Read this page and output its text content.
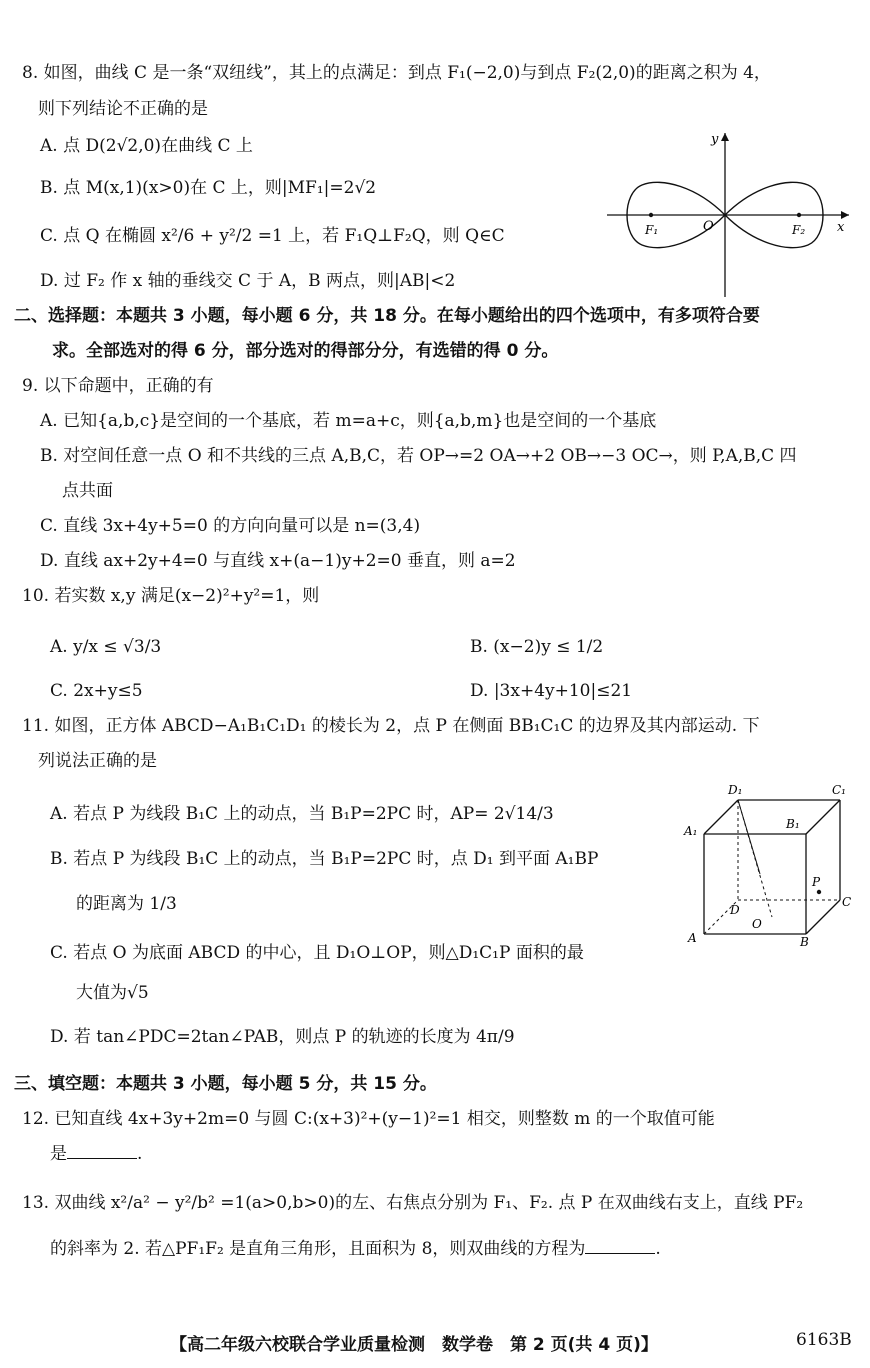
8. 如图，曲线 C 是一条“双纽线”，其上的点满足：到点 F₁(−2,0)与到点 F₂(2,0)的距离之积为 4，
则下列结论不正确的是
A. 点 D(2√2,0)在曲线 C 上
B. 点 M(x,1)(x>0)在 C 上，则|MF₁|=2√2
C. 点 Q 在椭圆 x²/6 + y²/2 =1 上，若 F₁Q⊥F₂Q，则 Q∈C
D. 过 F₂ 作 x 轴的垂线交 C 于 A，B 两点，则|AB|<2
y
x
O
F₁	F₂
二、选择题：本题共 3 小题，每小题 6 分，共 18 分。在每小题给出的四个选项中，有多项符合要
求。全部选对的得 6 分，部分选对的得部分分，有选错的得 0 分。
9. 以下命题中，正确的有
A. 已知{a,b,c}是空间的一个基底，若 m=a+c，则{a,b,m}也是空间的一个基底
B. 对空间任意一点 O 和不共线的三点 A,B,C，若 OP→=2 OA→+2 OB→−3 OC→，则 P,A,B,C 四
点共面
C. 直线 3x+4y+5=0 的方向向量可以是 n=(3,4)
D. 直线 ax+2y+4=0 与直线 x+(a−1)y+2=0 垂直，则 a=2
10. 若实数 x,y 满足(x−2)²+y²=1，则
A. y/x ≤ √3/3	B. (x−2)y ≤ 1/2
C. 2x+y≤5	D. |3x+4y+10|≤21
11. 如图，正方体 ABCD−A₁B₁C₁D₁ 的棱长为 2，点 P 在侧面 BB₁C₁C 的边界及其内部运动. 下
列说法正确的是
A. 若点 P 为线段 B₁C 上的动点，当 B₁P=2PC 时，AP= 2√14/3
B. 若点 P 为线段 B₁C 上的动点，当 B₁P=2PC 时，点 D₁ 到平面 A₁BP
的距离为 1/3
C. 若点 O 为底面 ABCD 的中心，且 D₁O⊥OP，则△D₁C₁P 面积的最
大值为√5
D. 若 tan∠PDC=2tan∠PAB，则点 P 的轨迹的长度为 4π/9
D₁	C₁
A₁	B₁
P
D
C
O
A	B
三、填空题：本题共 3 小题，每小题 5 分，共 15 分。
12. 已知直线 4x+3y+2m=0 与圆 C:(x+3)²+(y−1)²=1 相交，则整数 m 的一个取值可能
是	.
13. 双曲线 x²/a² − y²/b² =1(a>0,b>0)的左、右焦点分别为 F₁、F₂. 点 P 在双曲线右支上，直线 PF₂
的斜率为 2. 若△PF₁F₂ 是直角三角形，且面积为 8，则双曲线的方程为	.
【高二年级六校联合学业质量检测　数学卷　第 2 页(共 4 页)】	6163B
